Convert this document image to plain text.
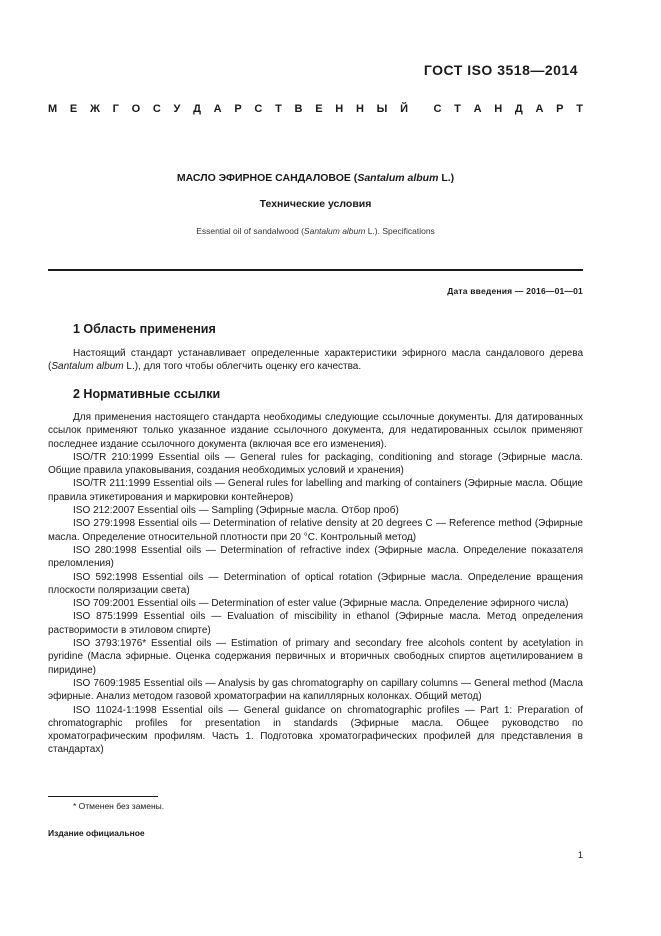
ГОСТ ISO 3518—2014
М Е Ж Г О С У Д А Р С Т В Е Н Н Ы Й С Т А Н Д А Р Т
МАСЛО ЭФИРНОЕ САНДАЛОВОЕ (Santalum album L.)
Технические условия
Essential oil of sandalwood (Santalum album L.). Specifications
Дата введения — 2016—01—01
1 Область применения

Настоящий стандарт устанавливает определенные характеристики эфирного масла сандалового дерева (Santalum album L.), для того чтобы облегчить оценку его качества.

2 Нормативные ссылки

Для применения настоящего стандарта необходимы следующие ссылочные документы. Для датированных ссылок применяют только указанное издание ссылочного документа, для недатированных ссылок применяют последнее издание ссылочного документа (включая все его изменения).

ISO/TR 210:1999 Essential oils — General rules for packaging, conditioning and storage (Эфирные масла. Общие правила упаковывания, создания необходимых условий и хранения)

ISO/TR 211:1999 Essential oils — General rules for labelling and marking of containers (Эфирные масла. Общие правила этикетирования и маркировки контейнеров)

ISO 212:2007 Essential oils — Sampling (Эфирные масла. Отбор проб)

ISO 279:1998 Essential oils — Determination of relative density at 20 degrees C — Reference method (Эфирные масла. Определение относительной плотности при 20 °С. Контрольный метод)

ISO 280:1998 Essential oils — Determination of refractive index (Эфирные масла. Определение показателя преломления)

ISO 592:1998 Essential oils — Determination of optical rotation (Эфирные масла. Определение вращения плоскости поляризации света)

ISO 709:2001 Essential oils — Determination of ester value (Эфирные масла. Определение эфирного числа)

ISO 875:1999 Essential oils — Evaluation of miscibility in ethanol (Эфирные масла. Метод определения растворимости в этиловом спирте)

ISO 3793:1976* Essential oils — Estimation of primary and secondary free alcohols content by acetylation in pyridine (Масла эфирные. Оценка содержания первичных и вторичных свободных спиртов ацетилированием в пиридине)

ISO 7609:1985 Essential oils — Analysis by gas chromatography on capillary columns — General method (Масла эфирные. Анализ методом газовой хроматографии на капиллярных колонках. Общий метод)

ISO 11024-1:1998 Essential oils — General guidance on chromatographic profiles — Part 1: Preparation of chromatographic profiles for presentation in standards (Эфирные масла. Общее руководство по хроматографическим профилям. Часть 1. Подготовка хроматографических профилей для представления в стандартах)

* Отменен без замены.
Издание официальное
1
